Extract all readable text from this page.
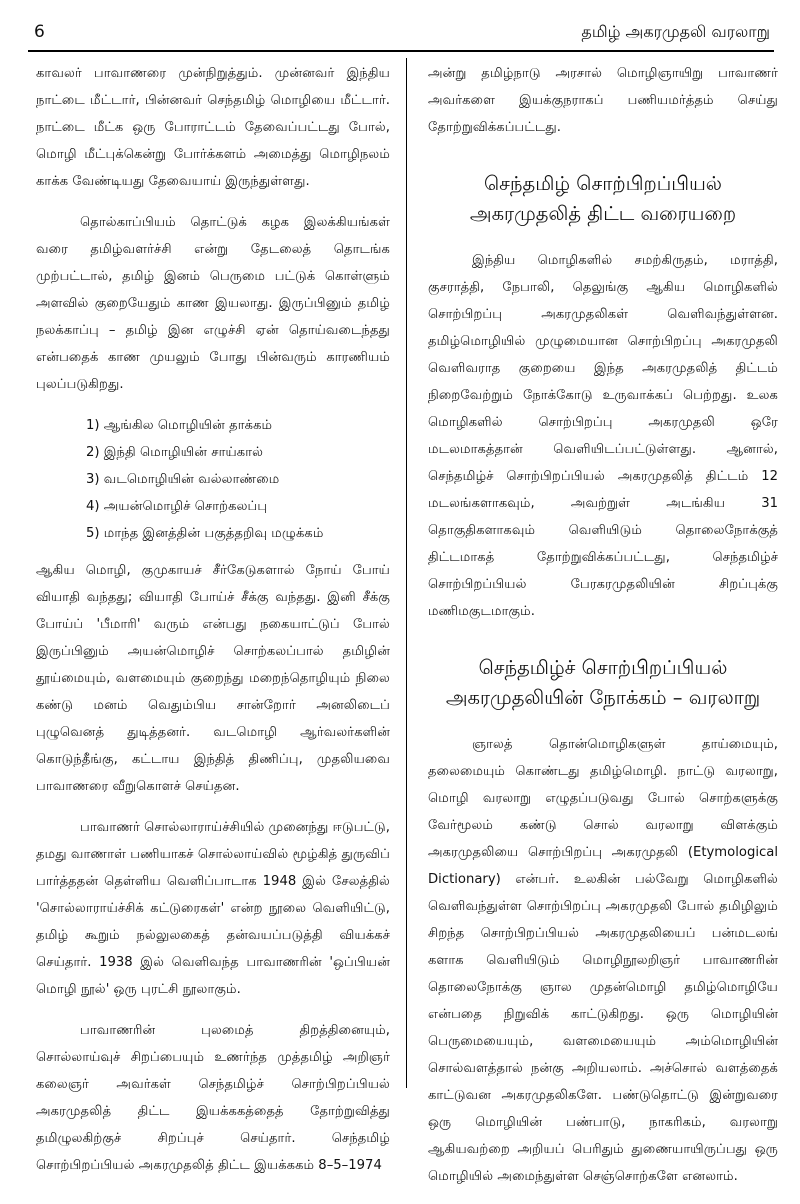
6	தமிழ் அகரமுதலி வரலாறு

காவலர் பாவாணரை முன்நிறுத்தும். முன்னவர் இந்திய நாட்டை மீட்டார், பின்னவர் செந்தமிழ் மொழியை மீட்டார். நாட்டை மீட்க ஒரு போராட்டம் தேவைப்பட்டது போல், மொழி மீட்புக்கென்று போர்க்களம் அமைத்து மொழிநலம் காக்க வேண்டியது தேவையாய் இருந்துள்ளது.

தொல்காப்பியம் தொட்டுக் கழக இலக்கியங்கள் வரை தமிழ்வளர்ச்சி என்று தேடலைத் தொடங்க முற்பட்டால், தமிழ் இனம் பெருமை பட்டுக் கொள்ளும் அளவில் குறையேதும் காண இயலாது. இருப்பினும் தமிழ் நலக்காப்பு – தமிழ் இன எழுச்சி ஏன் தொய்வடைந்தது என்பதைக் காண முயலும் போது பின்வரும் காரணியம் புலப்படுகிறது.

1) ஆங்கில மொழியின் தாக்கம்
2) இந்தி மொழியின் சாய்கால்
3) வடமொழியின் வல்லாண்மை
4) அயன்மொழிச் சொற்கலப்பு
5) மாந்த இனத்தின் பகுத்தறிவு மழுக்கம்

ஆகிய மொழி, குமுகாயச் சீர்கேடுகளால் நோய் போய் வியாதி வந்தது; வியாதி போய்ச் சீக்கு வந்தது. இனி சீக்கு போய்ப் 'பீமாரி' வரும் என்பது நகையாட்டுப் போல் இருப்பினும் அயன்மொழிச் சொற்கலப்பால் தமிழின் தூய்மையும், வளமையும் குறைந்து மறைந்தொழியும் நிலை கண்டு மனம் வெதும்பிய சான்றோர் அனலிடைப் புழுவெனத் துடித்தனர். வடமொழி ஆர்வலர்களின் கொடுந்தீங்கு, கட்டாய இந்தித் திணிப்பு, முதலியவை பாவாணரை வீறுகொளச் செய்தன.

பாவாணர் சொல்லாராய்ச்சியில் முனைந்து ஈடுபட்டு, தமது வாணாள் பணியாகச் சொல்லாய்வில் மூழ்கித் துருவிப் பார்த்ததன் தெள்ளிய வெளிப்பாடாக 1948 இல் சேலத்தில் 'சொல்லாராய்ச்சிக் கட்டுரைகள்' என்ற நூலை வெளியிட்டு, தமிழ் கூறும் நல்லுலகைத் தன்வயப்படுத்தி வியக்கச் செய்தார். 1938 இல் வெளிவந்த பாவாணரின் 'ஒப்பியன் மொழி நூல்' ஒரு புரட்சி நூலாகும்.

பாவாணரின் புலமைத் திறத்தினையும், சொல்லாய்வுச் சிறப்பையும் உணர்ந்த முத்தமிழ் அறிஞர் கலைஞர் அவர்கள் செந்தமிழ்ச் சொற்பிறப்பியல் அகரமுதலித் திட்ட இயக்ககத்தைத் தோற்றுவித்து தமிழுலகிற்குச் சிறப்புச் செய்தார். செந்தமிழ் சொற்பிறப்பியல் அகரமுதலித் திட்ட இயக்ககம் 8–5–1974

அன்று தமிழ்நாடு அரசால் மொழிஞாயிறு பாவாணர் அவர்களை இயக்குநராகப் பணியமர்த்தம் செய்து தோற்றுவிக்கப்பட்டது.

செந்தமிழ் சொற்பிறப்பியல்
அகரமுதலித் திட்ட வரையறை

இந்திய மொழிகளில் சமற்கிருதம், மராத்தி, குசராத்தி, நேபாலி, தெலுங்கு ஆகிய மொழிகளில் சொற்பிறப்பு அகரமுதலிகள் வெளிவந்துள்ளன. தமிழ்மொழியில் முழுமையான சொற்பிறப்பு அகரமுதலி வெளிவராத குறையை இந்த அகரமுதலித் திட்டம் நிறைவேற்றும் நோக்கோடு உருவாக்கப் பெற்றது. உலக மொழிகளில் சொற்பிறப்பு அகரமுதலி ஒரே மடலமாகத்தான் வெளியிடப்பட்டுள்ளது. ஆனால், செந்தமிழ்ச் சொற்பிறப்பியல் அகரமுதலித் திட்டம் 12 மடலங்களாகவும், அவற்றுள் அடங்கிய 31 தொகுதிகளாகவும் வெளியிடும் தொலைநோக்குத் திட்டமாகத் தோற்றுவிக்கப்பட்டது, செந்தமிழ்ச் சொற்பிறப்பியல் பேரகரமுதலியின் சிறப்புக்கு மணிமகுடமாகும்.

செந்தமிழ்ச் சொற்பிறப்பியல்
அகரமுதலியின் நோக்கம் – வரலாறு

ஞாலத் தொன்மொழிகளுள் தாய்மையும், தலைமையும் கொண்டது தமிழ்மொழி. நாட்டு வரலாறு, மொழி வரலாறு எழுதப்படுவது போல் சொற்களுக்கு வேர்மூலம் கண்டு சொல் வரலாறு விளக்கும் அகரமுதலியை சொற்பிறப்பு அகரமுதலி (Etymological Dictionary) என்பர். உலகின் பல்வேறு மொழிகளில் வெளிவந்துள்ள சொற்பிறப்பு அகரமுதலி போல் தமிழிலும் சிறந்த சொற்பிறப்பியல் அகரமுதலியைப் பன்மடலங் களாக வெளியிடும் மொழிநூலறிஞர் பாவாணரின் தொலைநோக்கு ஞால முதன்மொழி தமிழ்மொழியே என்பதை நிறுவிக் காட்டுகிறது. ஒரு மொழியின் பெருமையையும், வளமையையும் அம்மொழியின் சொல்வளத்தால் நன்கு அறியலாம். அச்சொல் வளத்தைக் காட்டுவன அகரமுதலிகளே. பண்டுதொட்டு இன்றுவரை ஒரு மொழியின் பண்பாடு, நாகரிகம், வரலாறு ஆகியவற்றை அறியப் பெரிதும் துணையாயிருப்பது ஒரு மொழியில் அமைந்துள்ள செஞ்சொற்களே எனலாம்.
